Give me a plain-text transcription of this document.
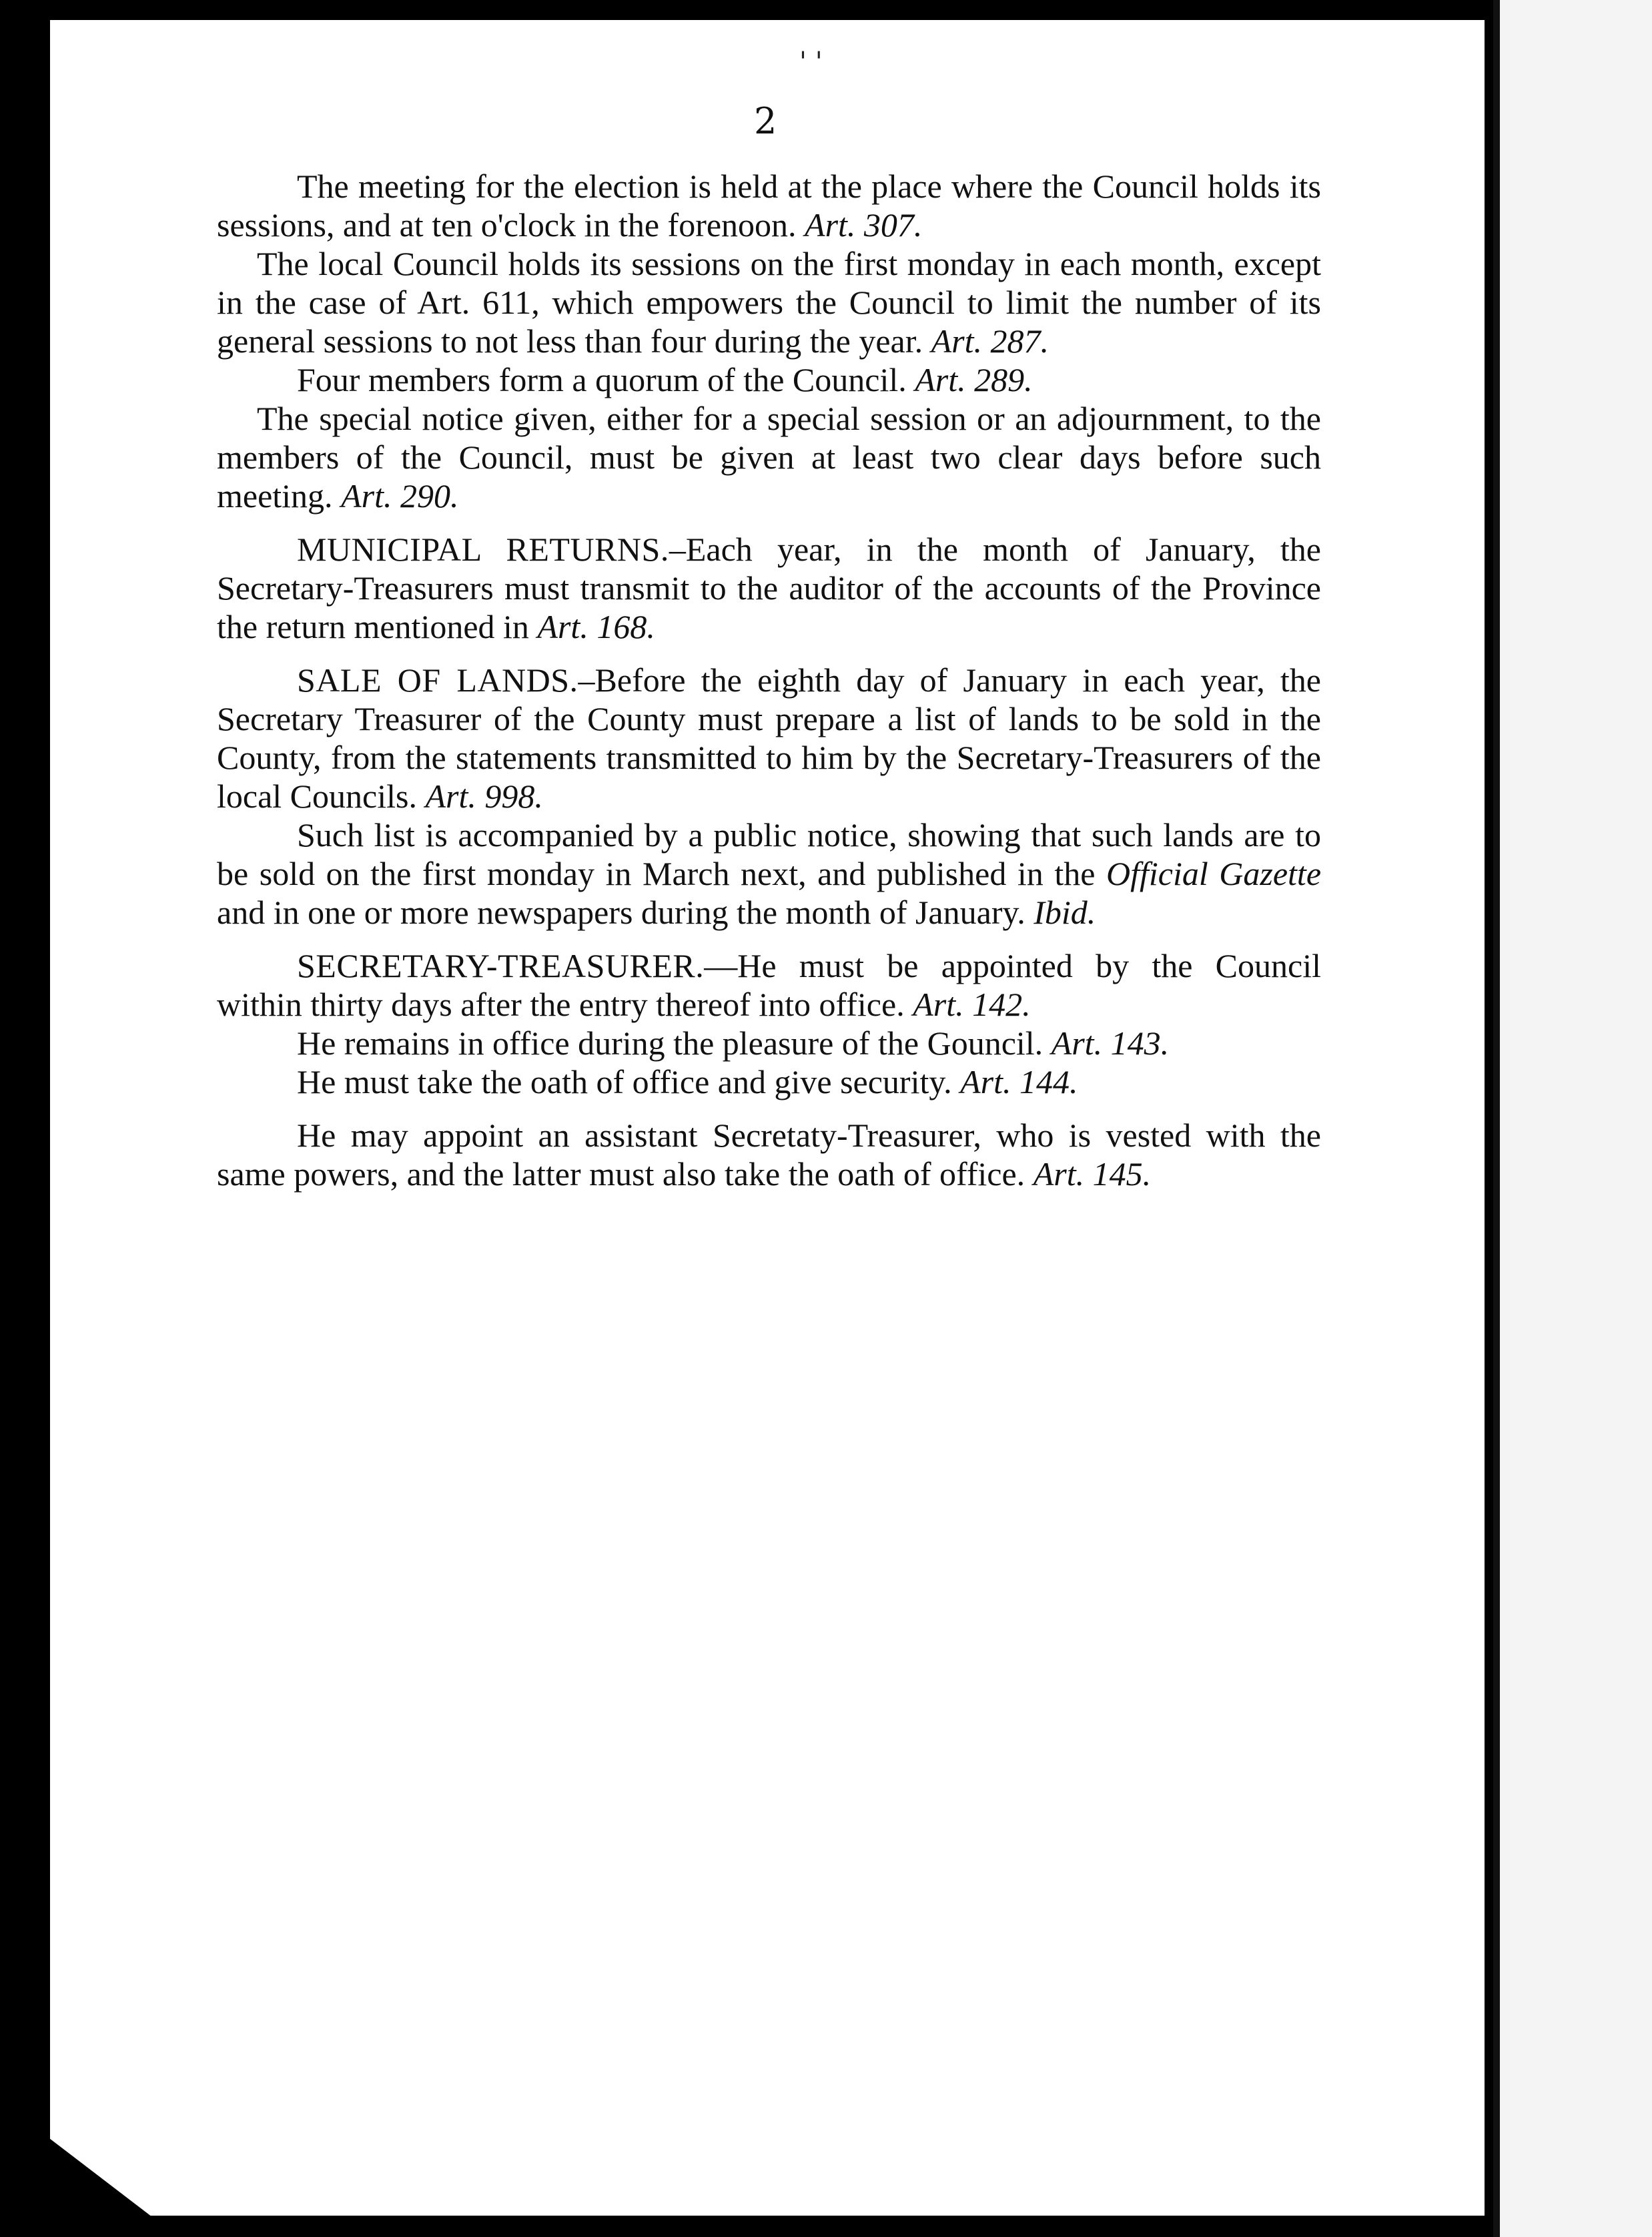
' '
2

The meeting for the election is held at the place where the Council holds its sessions, and at ten o'clock in the forenoon. Art. 307.

The local Council holds its sessions on the first monday in each month, except in the case of Art. 611, which empowers the Council to limit the number of its general sessions to not less than four during the year. Art. 287.

Four members form a quorum of the Council. Art. 289.

The special notice given, either for a special session or an adjournment, to the members of the Council, must be given at least two clear days before such meeting. Art. 290.

MUNICIPAL RETURNS.–Each year, in the month of January, the Secretary-Treasurers must transmit to the auditor of the accounts of the Province the return mentioned in Art. 168.

SALE OF LANDS.–Before the eighth day of January in each year, the Secretary Treasurer of the County must prepare a list of lands to be sold in the County, from the statements transmitted to him by the Secretary-Treasurers of the local Councils. Art. 998.

Such list is accompanied by a public notice, showing that such lands are to be sold on the first monday in March next, and published in the Official Gazette and in one or more newspapers during the month of January. Ibid.

SECRETARY-TREASURER.—He must be appointed by the Council within thirty days after the entry thereof into office. Art. 142.

He remains in office during the pleasure of the Gouncil. Art. 143.

He must take the oath of office and give security. Art. 144.

He may appoint an assistant Secretaty-Treasurer, who is vested with the same powers, and the latter must also take the oath of office. Art. 145.
